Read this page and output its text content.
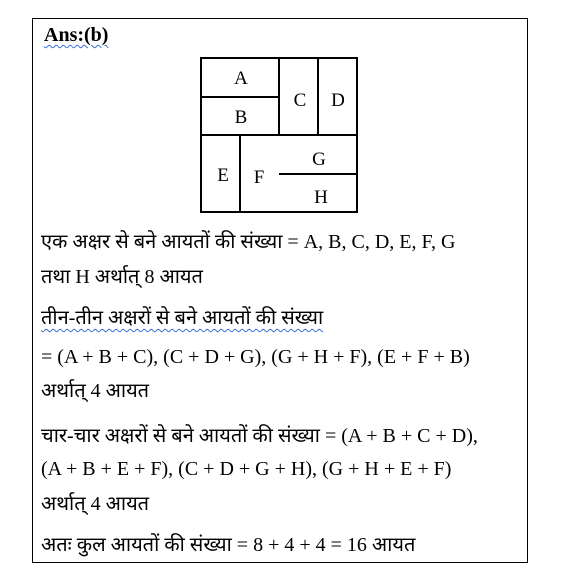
Ans:(b)
A
B
C D
E F
G
H
एक अक्षर से बने आयतों की संख्या = A, B, C, D, E, F, G
तथा H अर्थात् 8 आयत
तीन-तीन अक्षरों से बने आयतों की संख्या
= (A + B + C), (C + D + G), (G + H + F), (E + F + B)
अर्थात् 4 आयत
चार-चार अक्षरों से बने आयतों की संख्या = (A + B + C + D),
(A + B + E + F), (C + D + G + H), (G + H + E + F)
अर्थात् 4 आयत
अतः कुल आयतों की संख्या = 8 + 4 + 4 = 16 आयत
